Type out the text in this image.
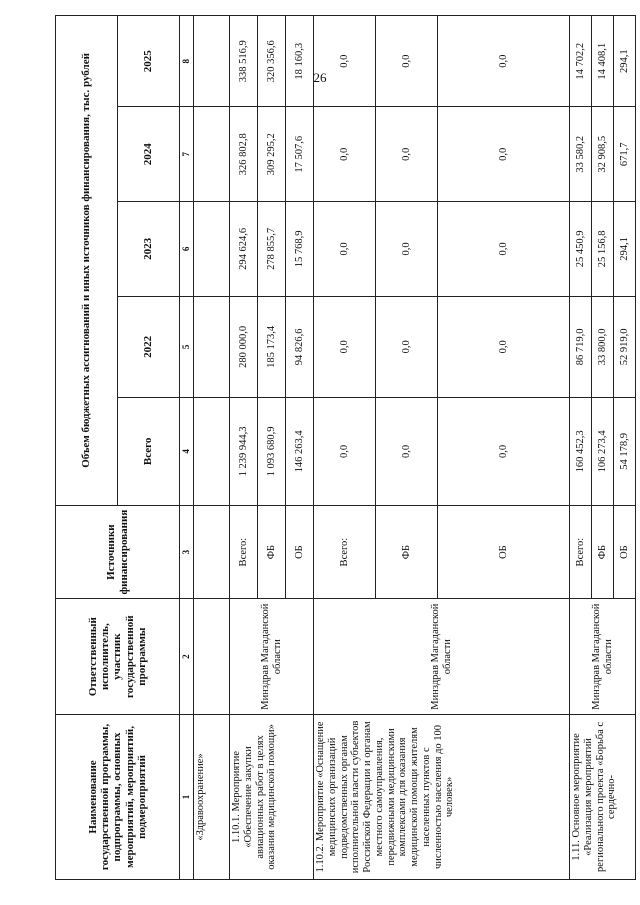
26
Наименование государственной программы, подпрограммы, основных мероприятий, мероприятий, подмероприятий	Ответственный исполнитель, участник государственной программы	Источники финансирования	Объем бюджетных ассигнований и иных источников финансирования, тыс. рублей				
			Всего	2022	2023	2024	2025
1	2	3	4	5	6	7	8
«Здравоохранение»							
1.10.1. Мероприятие «Обеспечение закупки авиационных работ в целях оказания медицинской помощи»	Минздрав Магаданской области	Всего:	1 239 944,3	280 000,0	294 624,6	326 802,8	338 516,9
		ФБ	1 093 680,9	185 173,4	278 855,7	309 295,2	320 356,6
		ОБ	146 263,4	94 826,6	15 768,9	17 507,6	18 160,3
1.10.2. Мероприятие «Оснащение медицинских организаций подведомственных органам исполнительной власти субъектов Российской Федерации и органам местного самоуправления, передвижными медицинскими комплексами для оказания медицинской помощи жителям населенных пунктов с численностью населения до 100 человек»	Минздрав Магаданской области	Всего:	0,0	0,0	0,0	0,0	0,0
		ФБ	0,0	0,0	0,0	0,0	0,0
		ОБ	0,0	0,0	0,0	0,0	0,0
1.11. Основное мероприятие «Реализация мероприятий регионального проекта «Борьба с сердечно-	Минздрав Магаданской области	Всего:	160 452,3	86 719,0	25 450,9	33 580,2	14 702,2
		ФБ	106 273,4	33 800,0	25 156,8	32 908,5	14 408,1
		ОБ	54 178,9	52 919,0	294,1	671,7	294,1
